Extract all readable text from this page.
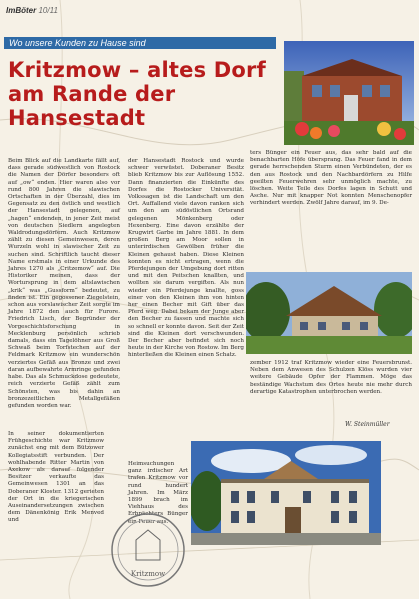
ImBöter 10/11
Wo unsere Kunden zu Hause sind
Kritzmow – altes Dorf am Rande der Hansestadt

Beim Blick auf die Landkarte fällt auf, dass gerade südwestlich von Rostock die Namen der Dörfer besonders oft auf „ow“ enden. Hier waren also vor rund 800 Jahren die slawischen Ortschaften in der Überzahl, dies im Gegensatz zu den östlich und westlich der Hansestadt gelegenen, auf „hagen“ endenden, in jener Zeit meist von deutschen Siedlern angelegten Waldrodungsdörfern. Auch Kritzmow zählt zu diesen Gemeinwesen, deren Wurzeln wohl in slawischer Zeit zu suchen sind. Schriftlich taucht dieser Name erstmals in einer Urkunde des Jahres 1270 als „Critzemow“ auf. Die Historiker meinen, dass der Wortursprung in dem altslawischen „krik“ was „Gussform“ bedeutet, zu finden ist. Ein gegossener Ziegelstein, schon aus vorslawischer Zeit sorgte im Jahre 1872 den auch für Furore. Friedrich Lisch, der Begründer der Vorgeschichtsforschung in Mecklenburg persönlich schrieb damals, dass ein Tagelöhner aus Groß Schwaß beim Torfstechen auf der Feldmark Kritzmow ein wunderschön verziertes Gefäß aus Bronze und zwei daran aufbewahrte Armringe gefunden habe. Das als Schmuckdose gedeutete, reich verzierte Gefäß zählt zum Schönsten, was bis dahin an bronzezeitlichen Metallgefäßen gefunden worden war.

In seiner dokumentierten Frühgeschichte war Kritzmow zunächst eng mit dem Bützower Kollegiatsstift verbunden. Der wohlhabende Ritter Martin von Axekow als darauf folgender Besitzer verkaufte das Gemeinwesen 1301 an das Doberaner Kloster. 1312 gerieten der Ort in die kriegerischen Auseinandersetzungen zwischen dem Dänenkönig Erik Menved und

der Hansestadt Rostock und wurde schwer verwüstet. Doberaner Besitz blieb Kritzmow bis zur Auflösung 1552. Dann finanzierten die Einkünfte des Dorfes die Rostocker Universität. Volkssagen ist die Landschaft um den Ort. Auffallend viele davon ranken sich um den am südöstlichen Ortsrand gelegenen Mönkenberg oder Hexenberg. Eine davon erzählte der Krugwirt Garbe im Jahre 1881. In dem großen Berg am Moor sollen in unterirdischen Gewölben früher die Kleinen gehaust haben. Diese Kleinen konnten es nicht ertragen, wenn die Pferdejungen der Umgebung dort ritten und mit den Peitschen knallten, und wollten sie darum vergiften. Als nun wieder ein Pferdejunge knallte, goss einer von den Kleinen ihm von hinten her einen Becher mit Gift über das Pferd weg. Dabei bekam der Junge aber den Becher zu fassen und machte sich so schnell er konnte davon. Seit der Zeit sind die Kleinen dort verschwunden. Der Becher aber befindet sich noch heute in der Kirche von Rostow. Im Berg hinterließen die Kleinen einen Schatz.

Heimsuchungen ganz irdischer Art trafen Kritzmow vor rund hundert Jahren. Im März 1899 brach im Viehhaus des Erbpächters Bünger ein Feuer aus.

ters Bünger ein Feuer aus, das sehr bald auf die benachbarten Höfe übersprang. Das Feuer fand in dem gerade herrschenden Sturm einen Verbündeten, der es den aus Rostock und den Nachbardörfern zu Hilfe geeilten Feuerwehren sehr unmöglich machte, zu löschen. Weite Teile des Dorfes lagen in Schutt und Asche. Nur mit knapper Not konnten Menschenopfer verhindert werden. Zwölf Jahre darauf, im 9. De-

zember 1912 traf Kritzmow wieder eine Feuersbrunst. Neben dem Anwesen des Schulzen Klöss wurden vier weitere Gebäude Opfer der Flammen. Möge das beständige Wachstum des Ortes heute nie mehr durch derartige Katastrophen unterbrochen werden.

W. Steinmüller
Kritzmow
